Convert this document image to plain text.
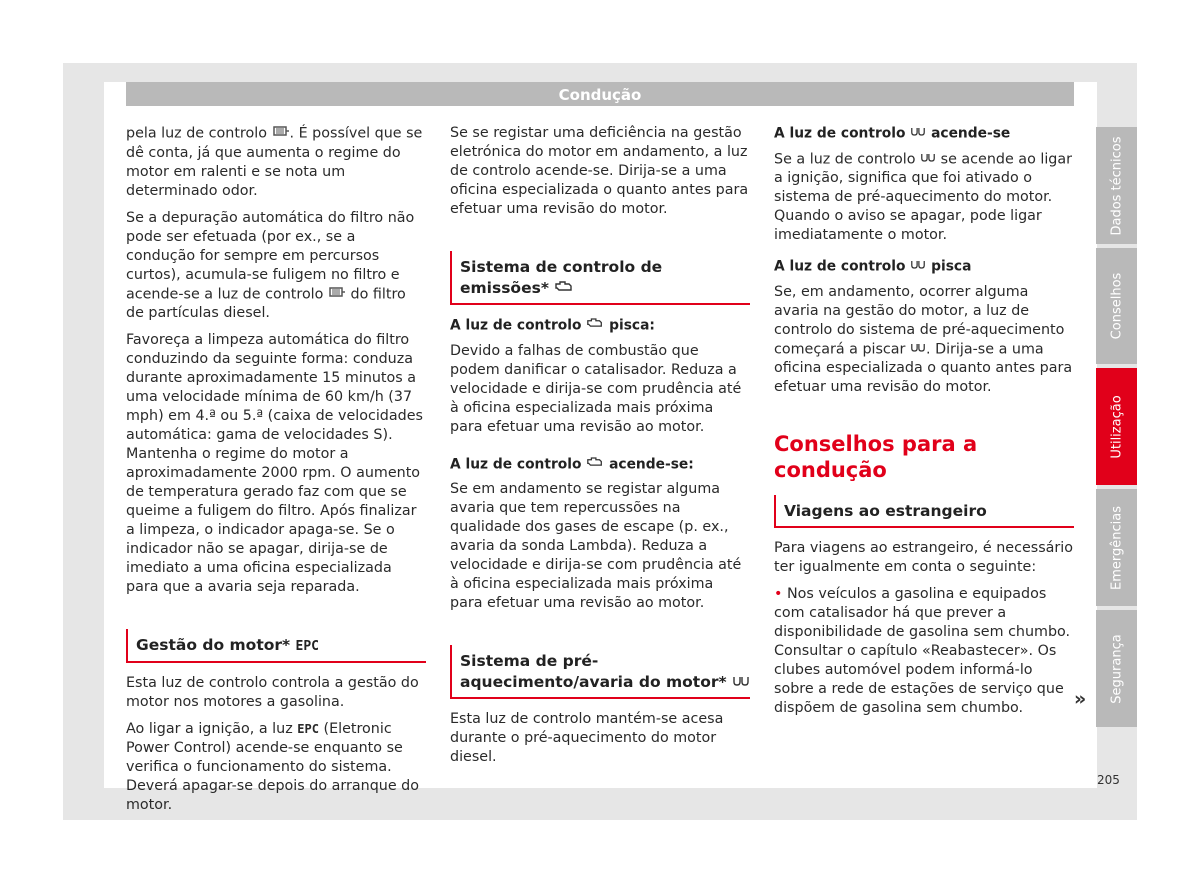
Condução

pela luz de controlo . É possível que se dê conta, já que aumenta o regime do motor em ralenti e se nota um determinado odor.

Se a depuração automática do filtro não pode ser efetuada (por ex., se a condução for sempre em percursos curtos), acumula-se fuligem no filtro e acende-se a luz de controlo  do filtro de partículas diesel.

Favoreça a limpeza automática do filtro conduzindo da seguinte forma: conduza durante aproximadamente 15 minutos a uma velocidade mínima de 60 km/h (37 mph) em 4.ª ou 5.ª (caixa de velocidades automática: gama de velocidades S). Mantenha o regime do motor a aproximadamente 2000 rpm. O aumento de temperatura gerado faz com que se queime a fuligem do filtro. Após finalizar a limpeza, o indicador apaga-se. Se o indicador não se apagar, dirija-se de imediato a uma oficina especializada para que a avaria seja reparada.

Gestão do motor* EPC

Esta luz de controlo controla a gestão do motor nos motores a gasolina.

Ao ligar a ignição, a luz EPC (Eletronic Power Control) acende-se enquanto se verifica o funcionamento do sistema. Deverá apagar-se depois do arranque do motor.

Se se registar uma deficiência na gestão eletrónica do motor em andamento, a luz de controlo acende-se. Dirija-se a uma oficina especializada o quanto antes para efetuar uma revisão do motor.

Sistema de controlo de emissões*
A luz de controlo  pisca:

Devido a falhas de combustão que podem danificar o catalisador. Reduza a velocidade e dirija-se com prudência até à oficina especializada mais próxima para efetuar uma revisão ao motor.

A luz de controlo  acende-se:

Se em andamento se registar alguma avaria que tem repercussões na qualidade dos gases de escape (p. ex., avaria da sonda Lambda). Reduza a velocidade e dirija-se com prudência até à oficina especializada mais próxima para efetuar uma revisão ao motor.

Sistema de pré-aquecimento/avaria do motor*

Esta luz de controlo mantém-se acesa durante o pré-aquecimento do motor diesel.

A luz de controlo  acende-se

Se a luz de controlo  se acende ao ligar a ignição, significa que foi ativado o sistema de pré-aquecimento do motor. Quando o aviso se apagar, pode ligar imediatamente o motor.

A luz de controlo  pisca

Se, em andamento, ocorrer alguma avaria na gestão do motor, a luz de controlo do sistema de pré-aquecimento começará a piscar . Dirija-se a uma oficina especializada o quanto antes para efetuar uma revisão do motor.

Conselhos para a condução
Viagens ao estrangeiro

Para viagens ao estrangeiro, é necessário ter igualmente em conta o seguinte:

• Nos veículos a gasolina e equipados com catalisador há que prever a disponibilidade de gasolina sem chumbo. Consultar o capítulo «Reabastecer». Os clubes automóvel podem informá-lo sobre a rede de estações de serviço que dispõem de gasolina sem chumbo.

Dados técnicos
Conselhos
Utilização
Emergências
Segurança
»
205
